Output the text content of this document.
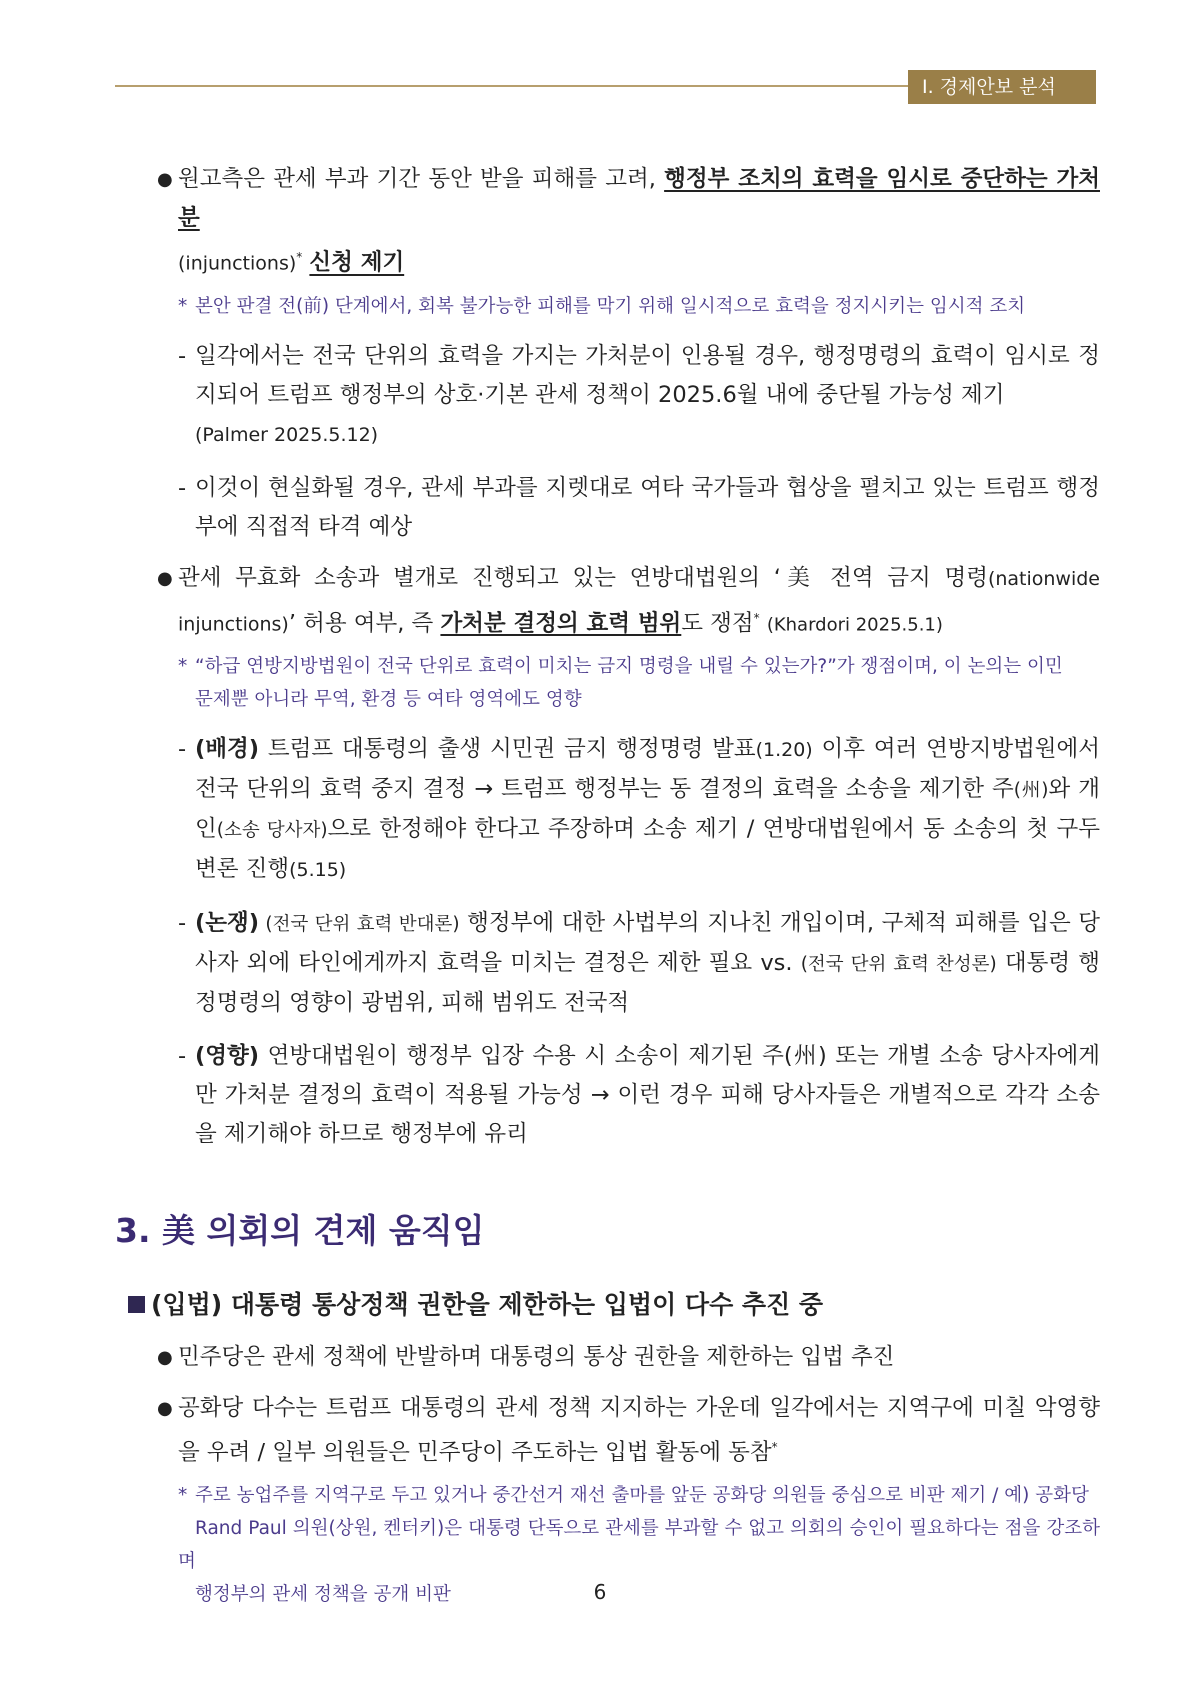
Ⅰ. 경제안보 분석
● 원고측은 관세 부과 기간 동안 받을 피해를 고려, 행정부 조치의 효력을 임시로 중단하는 가처분
(injunctions)* 신청 제기
* 본안 판결 전(前) 단계에서, 회복 불가능한 피해를 막기 위해 일시적으로 효력을 정지시키는 임시적 조치
- 일각에서는 전국 단위의 효력을 가지는 가처분이 인용될 경우, 행정명령의 효력이 임시로 정지되어 트럼프 행정부의 상호·기본 관세 정책이 2025.6월 내에 중단될 가능성 제기
(Palmer 2025.5.12)
- 이것이 현실화될 경우, 관세 부과를 지렛대로 여타 국가들과 협상을 펼치고 있는 트럼프 행정부에 직접적 타격 예상
● 관세 무효화 소송과 별개로 진행되고 있는 연방대법원의 ‘美 전역 금지 명령(nationwide injunctions)’ 허용 여부, 즉 가처분 결정의 효력 범위도 쟁점* (Khardori 2025.5.1)
* “하급 연방지방법원이 전국 단위로 효력이 미치는 금지 명령을 내릴 수 있는가?”가 쟁점이며, 이 논의는 이민
문제뿐 아니라 무역, 환경 등 여타 영역에도 영향
- (배경) 트럼프 대통령의 출생 시민권 금지 행정명령 발표(1.20) 이후 여러 연방지방법원에서 전국 단위의 효력 중지 결정 → 트럼프 행정부는 동 결정의 효력을 소송을 제기한 주(州)와 개인(소송 당사자)으로 한정해야 한다고 주장하며 소송 제기 / 연방대법원에서 동 소송의 첫 구두변론 진행(5.15)
- (논쟁) (전국 단위 효력 반대론) 행정부에 대한 사법부의 지나친 개입이며, 구체적 피해를 입은 당사자 외에 타인에게까지 효력을 미치는 결정은 제한 필요 vs. (전국 단위 효력 찬성론) 대통령 행정명령의 영향이 광범위, 피해 범위도 전국적
- (영향) 연방대법원이 행정부 입장 수용 시 소송이 제기된 주(州) 또는 개별 소송 당사자에게만 가처분 결정의 효력이 적용될 가능성 → 이런 경우 피해 당사자들은 개별적으로 각각 소송을 제기해야 하므로 행정부에 유리
3. 美 의회의 견제 움직임
(입법) 대통령 통상정책 권한을 제한하는 입법이 다수 추진 중
● 민주당은 관세 정책에 반발하며 대통령의 통상 권한을 제한하는 입법 추진
● 공화당 다수는 트럼프 대통령의 관세 정책 지지하는 가운데 일각에서는 지역구에 미칠 악영향을 우려 / 일부 의원들은 민주당이 주도하는 입법 활동에 동참*
* 주로 농업주를 지역구로 두고 있거나 중간선거 재선 출마를 앞둔 공화당 의원들 중심으로 비판 제기 / 예) 공화당
Rand Paul 의원(상원, 켄터키)은 대통령 단독으로 관세를 부과할 수 없고 의회의 승인이 필요하다는 점을 강조하며
행정부의 관세 정책을 공개 비판	6
